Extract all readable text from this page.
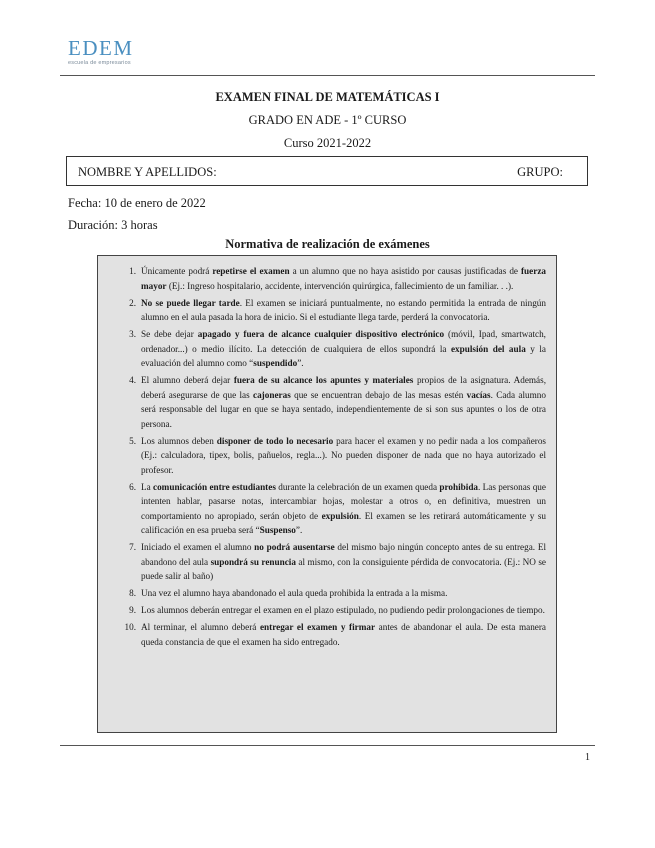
EDEM
escuela de empresarios
EXAMEN FINAL DE MATEMÁTICAS I
GRADO EN ADE - 1º CURSO
Curso 2021-2022
NOMBRE Y APELLIDOS:	GRUPO:
Fecha: 10 de enero de 2022
Duración: 3 horas
Normativa de realización de exámenes
1. Únicamente podrá repetirse el examen a un alumno que no haya asistido por causas justificadas de fuerza mayor (Ej.: Ingreso hospitalario, accidente, intervención quirúrgica, fallecimiento de un familiar. . .).
2. No se puede llegar tarde. El examen se iniciará puntualmente, no estando permitida la entrada de ningún alumno en el aula pasada la hora de inicio. Si el estudiante llega tarde, perderá la convocatoria.
3. Se debe dejar apagado y fuera de alcance cualquier dispositivo electrónico (móvil, Ipad, smartwatch, ordenador...) o medio ilícito. La detección de cualquiera de ellos supondrá la expulsión del aula y la evaluación del alumno como “suspendido”.
4. El alumno deberá dejar fuera de su alcance los apuntes y materiales propios de la asignatura. Además, deberá asegurarse de que las cajoneras que se encuentran debajo de las mesas estén vacías. Cada alumno será responsable del lugar en que se haya sentado, independientemente de si son sus apuntes o los de otra persona.
5. Los alumnos deben disponer de todo lo necesario para hacer el examen y no pedir nada a los compañeros (Ej.: calculadora, tipex, bolis, pañuelos, regla...). No pueden disponer de nada que no haya autorizado el profesor.
6. La comunicación entre estudiantes durante la celebración de un examen queda prohibida. Las personas que intenten hablar, pasarse notas, intercambiar hojas, molestar a otros o, en definitiva, muestren un comportamiento no apropiado, serán objeto de expulsión. El examen se les retirará automáticamente y su calificación en esa prueba será “Suspenso”.
7. Iniciado el examen el alumno no podrá ausentarse del mismo bajo ningún concepto antes de su entrega. El abandono del aula supondrá su renuncia al mismo, con la consiguiente pérdida de convocatoria. (Ej.: NO se puede salir al baño)
8. Una vez el alumno haya abandonado el aula queda prohibida la entrada a la misma.
9. Los alumnos deberán entregar el examen en el plazo estipulado, no pudiendo pedir prolongaciones de tiempo.
10. Al terminar, el alumno deberá entregar el examen y firmar antes de abandonar el aula. De esta manera queda constancia de que el examen ha sido entregado.
1
